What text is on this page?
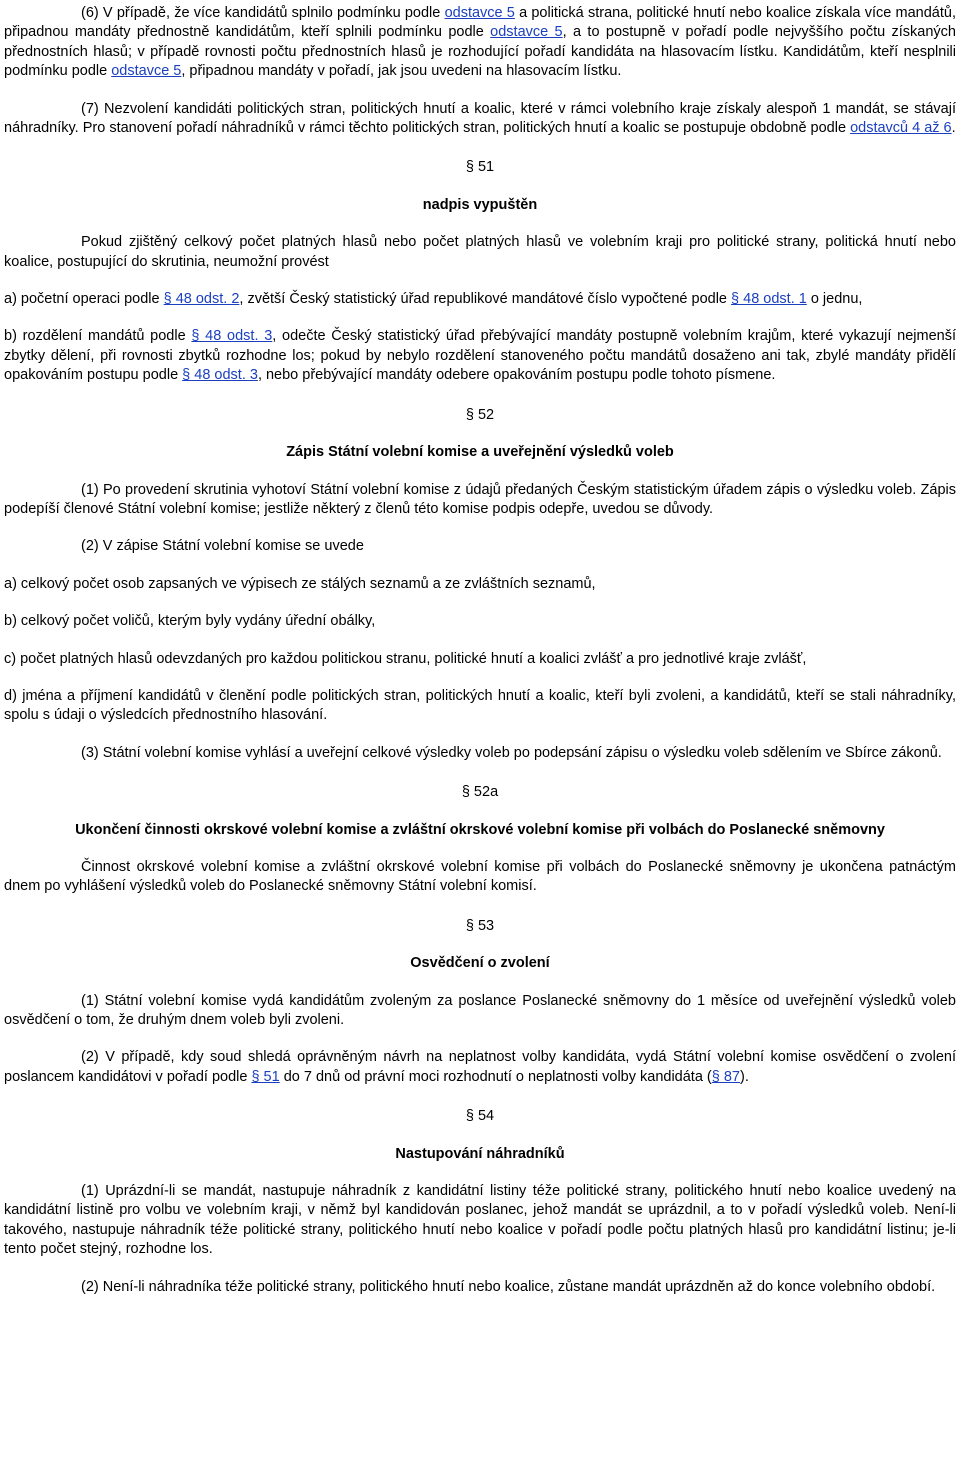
(6) V případě, že více kandidátů splnilo podmínku podle odstavce 5 a politická strana, politické hnutí nebo koalice získala více mandátů, připadnou mandáty přednostně kandidátům, kteří splnili podmínku podle odstavce 5, a to postupně v pořadí podle nejvyššího počtu získaných přednostních hlasů; v případě rovnosti počtu přednostních hlasů je rozhodující pořadí kandidáta na hlasovacím lístku. Kandidátům, kteří nesplnili podmínku podle odstavce 5, připadnou mandáty v pořadí, jak jsou uvedeni na hlasovacím lístku.

(7) Nezvolení kandidáti politických stran, politických hnutí a koalic, které v rámci volebního kraje získaly alespoň 1 mandát, se stávají náhradníky. Pro stanovení pořadí náhradníků v rámci těchto politických stran, politických hnutí a koalic se postupuje obdobně podle odstavců 4 až 6.

§ 51
nadpis vypuštěn

Pokud zjištěný celkový počet platných hlasů nebo počet platných hlasů ve volebním kraji pro politické strany, politická hnutí nebo koalice, postupující do skrutinia, neumožní provést

a) početní operaci podle § 48 odst. 2, zvětší Český statistický úřad republikové mandátové číslo vypočtené podle § 48 odst. 1 o jednu,

b) rozdělení mandátů podle § 48 odst. 3, odečte Český statistický úřad přebývající mandáty postupně volebním krajům, které vykazují nejmenší zbytky dělení, při rovnosti zbytků rozhodne los; pokud by nebylo rozdělení stanoveného počtu mandátů dosaženo ani tak, zbylé mandáty přidělí opakováním postupu podle § 48 odst. 3, nebo přebývající mandáty odebere opakováním postupu podle tohoto písmene.

§ 52
Zápis Státní volební komise a uveřejnění výsledků voleb

(1) Po provedení skrutinia vyhotoví Státní volební komise z údajů předaných Českým statistickým úřadem zápis o výsledku voleb. Zápis podepíší členové Státní volební komise; jestliže některý z členů této komise podpis odepře, uvedou se důvody.

(2) V zápise Státní volební komise se uvede

a) celkový počet osob zapsaných ve výpisech ze stálých seznamů a ze zvláštních seznamů,

b) celkový počet voličů, kterým byly vydány úřední obálky,

c) počet platných hlasů odevzdaných pro každou politickou stranu, politické hnutí a koalici zvlášť a pro jednotlivé kraje zvlášť,

d) jména a příjmení kandidátů v členění podle politických stran, politických hnutí a koalic, kteří byli zvoleni, a kandidátů, kteří se stali náhradníky, spolu s údaji o výsledcích přednostního hlasování.

(3) Státní volební komise vyhlásí a uveřejní celkové výsledky voleb po podepsání zápisu o výsledku voleb sdělením ve Sbírce zákonů.

§ 52a
Ukončení činnosti okrskové volební komise a zvláštní okrskové volební komise při volbách do Poslanecké sněmovny

Činnost okrskové volební komise a zvláštní okrskové volební komise při volbách do Poslanecké sněmovny je ukončena patnáctým dnem po vyhlášení výsledků voleb do Poslanecké sněmovny Státní volební komisí.

§ 53
Osvědčení o zvolení

(1) Státní volební komise vydá kandidátům zvoleným za poslance Poslanecké sněmovny do 1 měsíce od uveřejnění výsledků voleb osvědčení o tom, že druhým dnem voleb byli zvoleni.

(2) V případě, kdy soud shledá oprávněným návrh na neplatnost volby kandidáta, vydá Státní volební komise osvědčení o zvolení poslancem kandidátovi v pořadí podle § 51 do 7 dnů od právní moci rozhodnutí o neplatnosti volby kandidáta (§ 87).

§ 54
Nastupování náhradníků

(1) Uprázdní-li se mandát, nastupuje náhradník z kandidátní listiny téže politické strany, politického hnutí nebo koalice uvedený na kandidátní listině pro volbu ve volebním kraji, v němž byl kandidován poslanec, jehož mandát se uprázdnil, a to v pořadí výsledků voleb. Není-li takového, nastupuje náhradník téže politické strany, politického hnutí nebo koalice v pořadí podle počtu platných hlasů pro kandidátní listinu; je-li tento počet stejný, rozhodne los.

(2) Není-li náhradníka téže politické strany, politického hnutí nebo koalice, zůstane mandát uprázdněn až do konce volebního období.
